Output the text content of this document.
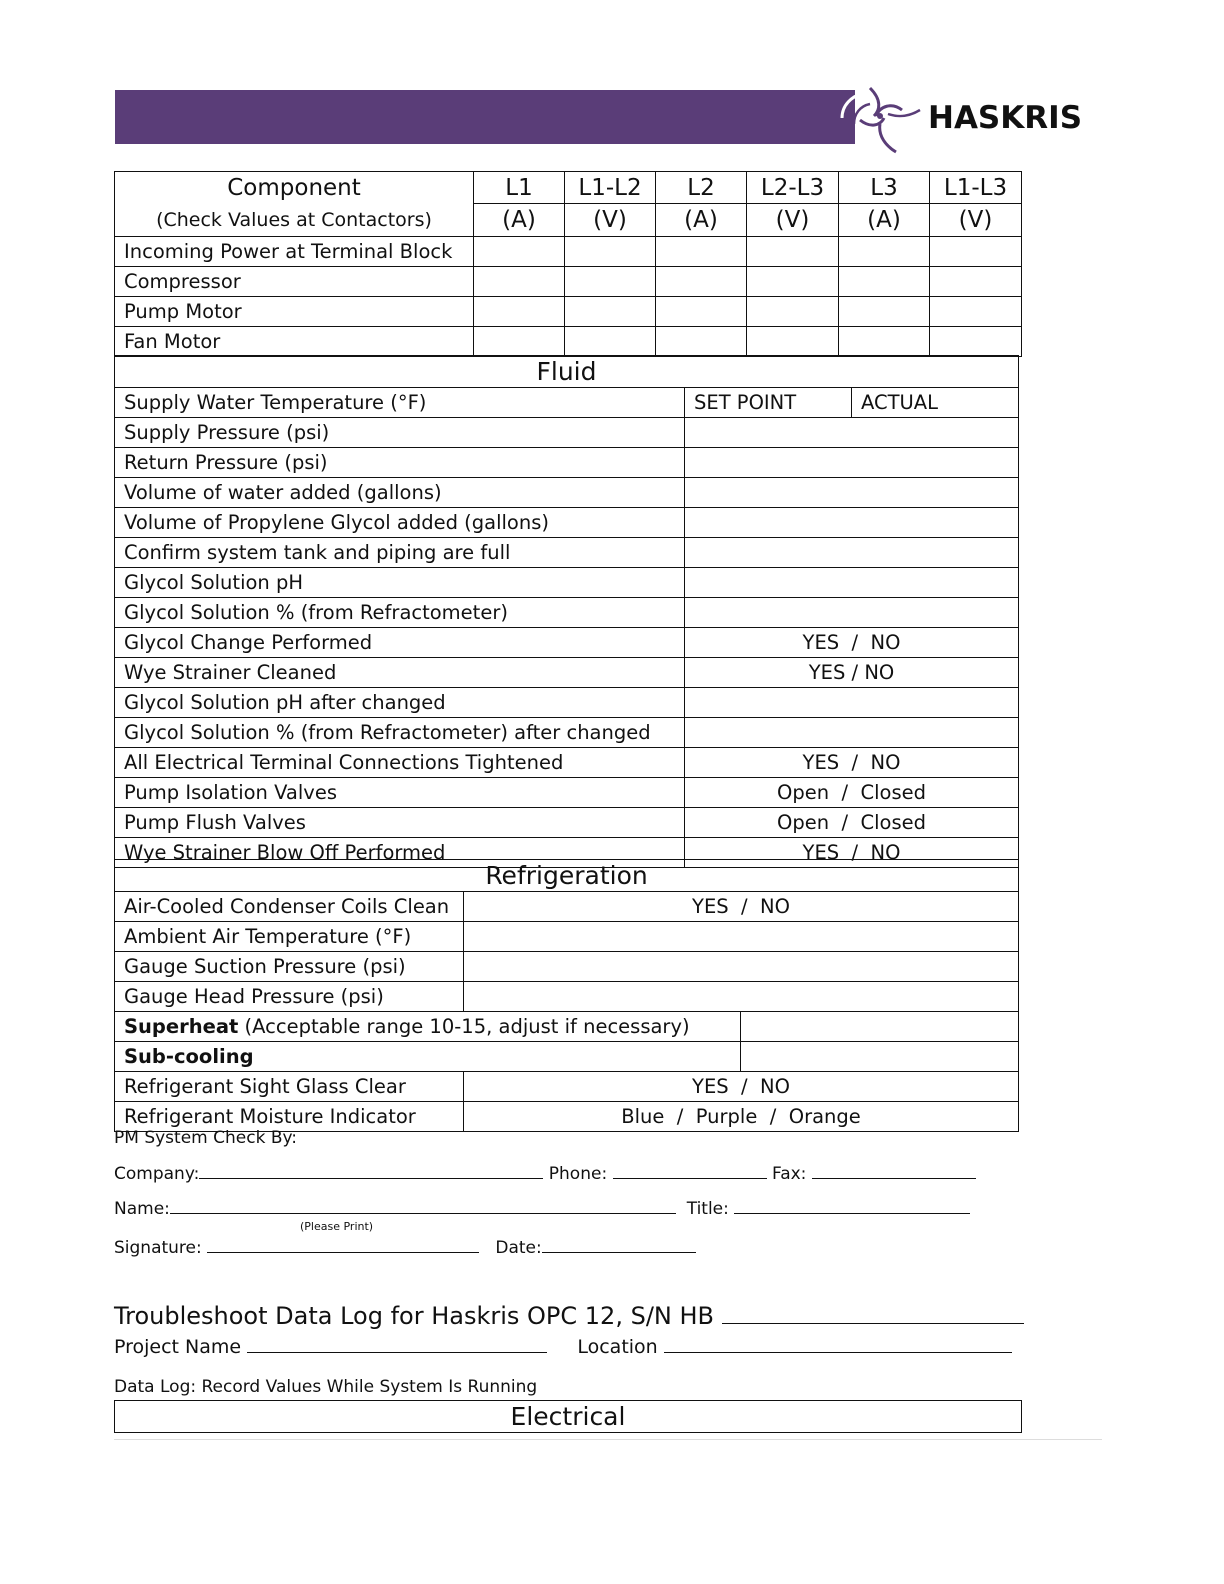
HASKRIS
Component	L1	L1-L2	L2	L2-L3	L3	L1-L3
(Check Values at Contactors)	(A)	(V)	(A)	(V)	(A)	(V)
Incoming Power at Terminal Block						
Compressor						
Pump Motor						
Fan Motor						
Fluid		
Supply Water Temperature (°F)	SET POINT	ACTUAL
Supply Pressure (psi)		
Return Pressure (psi)		
Volume of water added (gallons)		
Volume of Propylene Glycol added (gallons)		
Confirm system tank and piping are full		
Glycol Solution pH		
Glycol Solution % (from Refractometer)		
Glycol Change Performed	YES  /  NO	
Wye Strainer Cleaned	YES / NO	
Glycol Solution pH after changed		
Glycol Solution % (from Refractometer) after changed		
All Electrical Terminal Connections Tightened	YES  /  NO	
Pump Isolation Valves	Open  /  Closed	
Pump Flush Valves	Open  /  Closed	
Wye Strainer Blow Off Performed	YES  /  NO	
Refrigeration		
Air-Cooled Condenser Coils Clean	YES  /  NO	
Ambient Air Temperature (°F)		
Gauge Suction Pressure (psi)		
Gauge Head Pressure (psi)		
Superheat (Acceptable range 10-15, adjust if necessary)		
Sub-cooling		
Refrigerant Sight Glass Clear	YES  /  NO	
Refrigerant Moisture Indicator	Blue  /  Purple  /  Orange	
PM System Check By:
Company:	Phone:	Fax:
Name:	Title:
(Please Print)
Signature:	Date:
Troubleshoot Data Log for Haskris OPC 12, S/N HB
Project Name	Location
Data Log: Record Values While System Is Running
Electrical
